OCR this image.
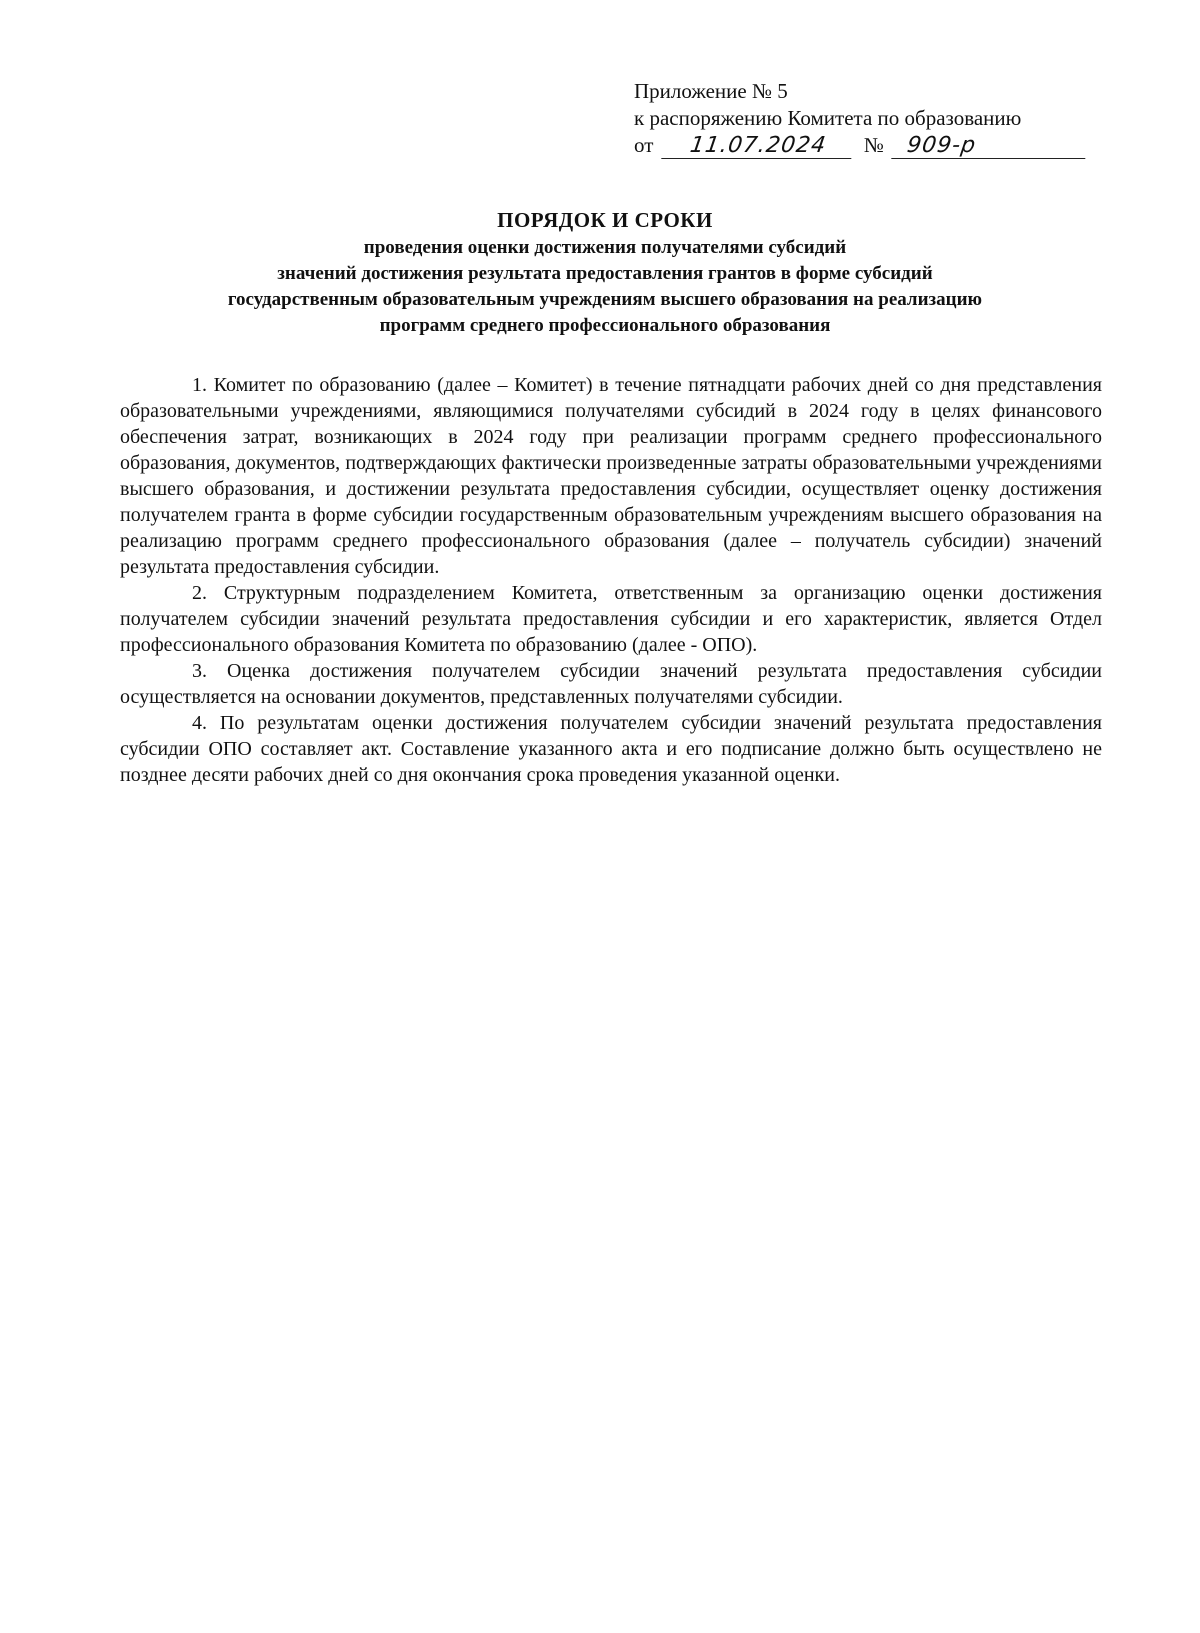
Приложение № 5
к распоряжению Комитета по образованию
от 11.07.2024 № 909-р
ПОРЯДОК И СРОКИ
проведения оценки достижения получателями субсидий
значений достижения результата предоставления грантов в форме субсидий
государственным образовательным учреждениям высшего образования на реализацию
программ среднего профессионального образования

1. Комитет по образованию (далее – Комитет) в течение пятнадцати рабочих дней со дня представления образовательными учреждениями, являющимися получателями субсидий в 2024 году в целях финансового обеспечения затрат, возникающих в 2024 году при реализации программ среднего профессионального образования, документов, подтверждающих фактически произведенные затраты образовательными учреждениями высшего образования, и достижении результата предоставления субсидии, осуществляет оценку достижения получателем гранта в форме субсидии государственным образовательным учреждениям высшего образования на реализацию программ среднего профессионального образования (далее – получатель субсидии) значений результата предоставления субсидии.

2. Структурным подразделением Комитета, ответственным за организацию оценки достижения получателем субсидии значений результата предоставления субсидии и его характеристик, является Отдел профессионального образования Комитета по образованию (далее - ОПО).

3. Оценка достижения получателем субсидии значений результата предоставления субсидии осуществляется на основании документов, представленных получателями субсидии.

4. По результатам оценки достижения получателем субсидии значений результата предоставления субсидии ОПО составляет акт. Составление указанного акта и его подписание должно быть осуществлено не позднее десяти рабочих дней со дня окончания срока проведения указанной оценки.
